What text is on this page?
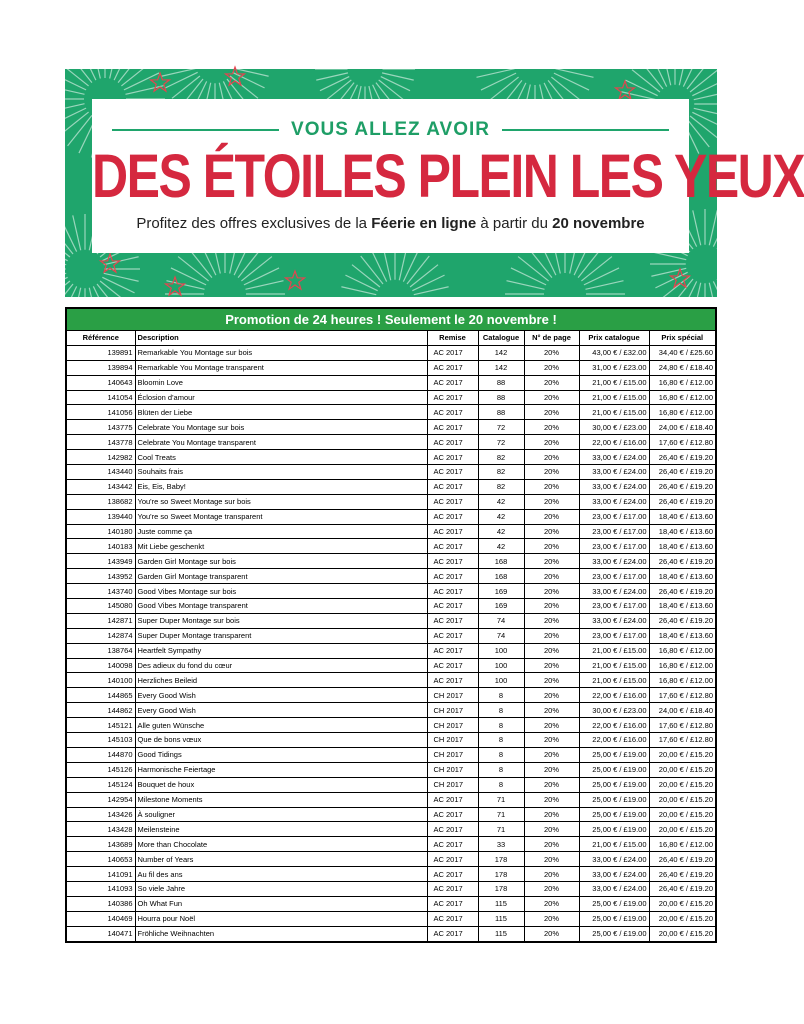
VOUS ALLEZ AVOIR
DES ÉTOILES PLEIN LES YEUX
Profitez des offres exclusives de la Féerie en ligne à partir du 20 novembre
Promotion de 24 heures ! Seulement le 20 novembre !
Référence	Description	Remise	Catalogue	N° de page	Prix catalogue	Prix spécial
139891	Remarkable You Montage sur bois	AC 2017	142	20%	43,00 € / £32.00	34,40 € / £25.60
139894	Remarkable You Montage transparent	AC 2017	142	20%	31,00 € / £23.00	24,80 € / £18.40
140643	Bloomin Love	AC 2017	88	20%	21,00 € / £15.00	16,80 € / £12.00
141054	Éclosion d'amour	AC 2017	88	20%	21,00 € / £15.00	16,80 € / £12.00
141056	Blüten der Liebe	AC 2017	88	20%	21,00 € / £15.00	16,80 € / £12.00
143775	Celebrate You Montage sur bois	AC 2017	72	20%	30,00 € / £23.00	24,00 € / £18.40
143778	Celebrate You Montage transparent	AC 2017	72	20%	22,00 € / £16.00	17,60 € / £12.80
142982	Cool Treats	AC 2017	82	20%	33,00 € / £24.00	26,40 € / £19.20
143440	Souhaits frais	AC 2017	82	20%	33,00 € / £24.00	26,40 € / £19.20
143442	Eis, Eis, Baby!	AC 2017	82	20%	33,00 € / £24.00	26,40 € / £19.20
138682	You're so Sweet Montage sur bois	AC 2017	42	20%	33,00 € / £24.00	26,40 € / £19.20
139440	You're so Sweet Montage transparent	AC 2017	42	20%	23,00 € / £17.00	18,40 € / £13.60
140180	Juste comme ça	AC 2017	42	20%	23,00 € / £17.00	18,40 € / £13.60
140183	Mit Liebe geschenkt	AC 2017	42	20%	23,00 € / £17.00	18,40 € / £13.60
143949	Garden Girl Montage sur bois	AC 2017	168	20%	33,00 € / £24.00	26,40 € / £19.20
143952	Garden Girl Montage transparent	AC 2017	168	20%	23,00 € / £17.00	18,40 € / £13.60
143740	Good Vibes Montage sur bois	AC 2017	169	20%	33,00 € / £24.00	26,40 € / £19.20
145080	Good Vibes Montage transparent	AC 2017	169	20%	23,00 € / £17.00	18,40 € / £13.60
142871	Super Duper Montage sur bois	AC 2017	74	20%	33,00 € / £24.00	26,40 € / £19.20
142874	Super Duper Montage transparent	AC 2017	74	20%	23,00 € / £17.00	18,40 € / £13.60
138764	Heartfelt Sympathy	AC 2017	100	20%	21,00 € / £15.00	16,80 € / £12.00
140098	Des adieux du fond du cœur	AC 2017	100	20%	21,00 € / £15.00	16,80 € / £12.00
140100	Herzliches Beileid	AC 2017	100	20%	21,00 € / £15.00	16,80 € / £12.00
144865	Every Good Wish	CH 2017	8	20%	22,00 € / £16.00	17,60 € / £12.80
144862	Every Good Wish	CH 2017	8	20%	30,00 € / £23.00	24,00 € / £18.40
145121	Alle guten Wünsche	CH 2017	8	20%	22,00 € / £16.00	17,60 € / £12.80
145103	Que de bons vœux	CH 2017	8	20%	22,00 € / £16.00	17,60 € / £12.80
144870	Good Tidings	CH 2017	8	20%	25,00 € / £19.00	20,00 € / £15.20
145126	Harmonische Feiertage	CH 2017	8	20%	25,00 € / £19.00	20,00 € / £15.20
145124	Bouquet de houx	CH 2017	8	20%	25,00 € / £19.00	20,00 € / £15.20
142954	Milestone Moments	AC 2017	71	20%	25,00 € / £19.00	20,00 € / £15.20
143426	À souligner	AC 2017	71	20%	25,00 € / £19.00	20,00 € / £15.20
143428	Meilensteine	AC 2017	71	20%	25,00 € / £19.00	20,00 € / £15.20
143689	More than Chocolate	AC 2017	33	20%	21,00 € / £15.00	16,80 € / £12.00
140653	Number of Years	AC 2017	178	20%	33,00 € / £24.00	26,40 € / £19.20
141091	Au fil des ans	AC 2017	178	20%	33,00 € / £24.00	26,40 € / £19.20
141093	So viele Jahre	AC 2017	178	20%	33,00 € / £24.00	26,40 € / £19.20
140386	Oh What Fun	AC 2017	115	20%	25,00 € / £19.00	20,00 € / £15.20
140469	Hourra pour Noël	AC 2017	115	20%	25,00 € / £19.00	20,00 € / £15.20
140471	Fröhliche Weihnachten	AC 2017	115	20%	25,00 € / £19.00	20,00 € / £15.20
